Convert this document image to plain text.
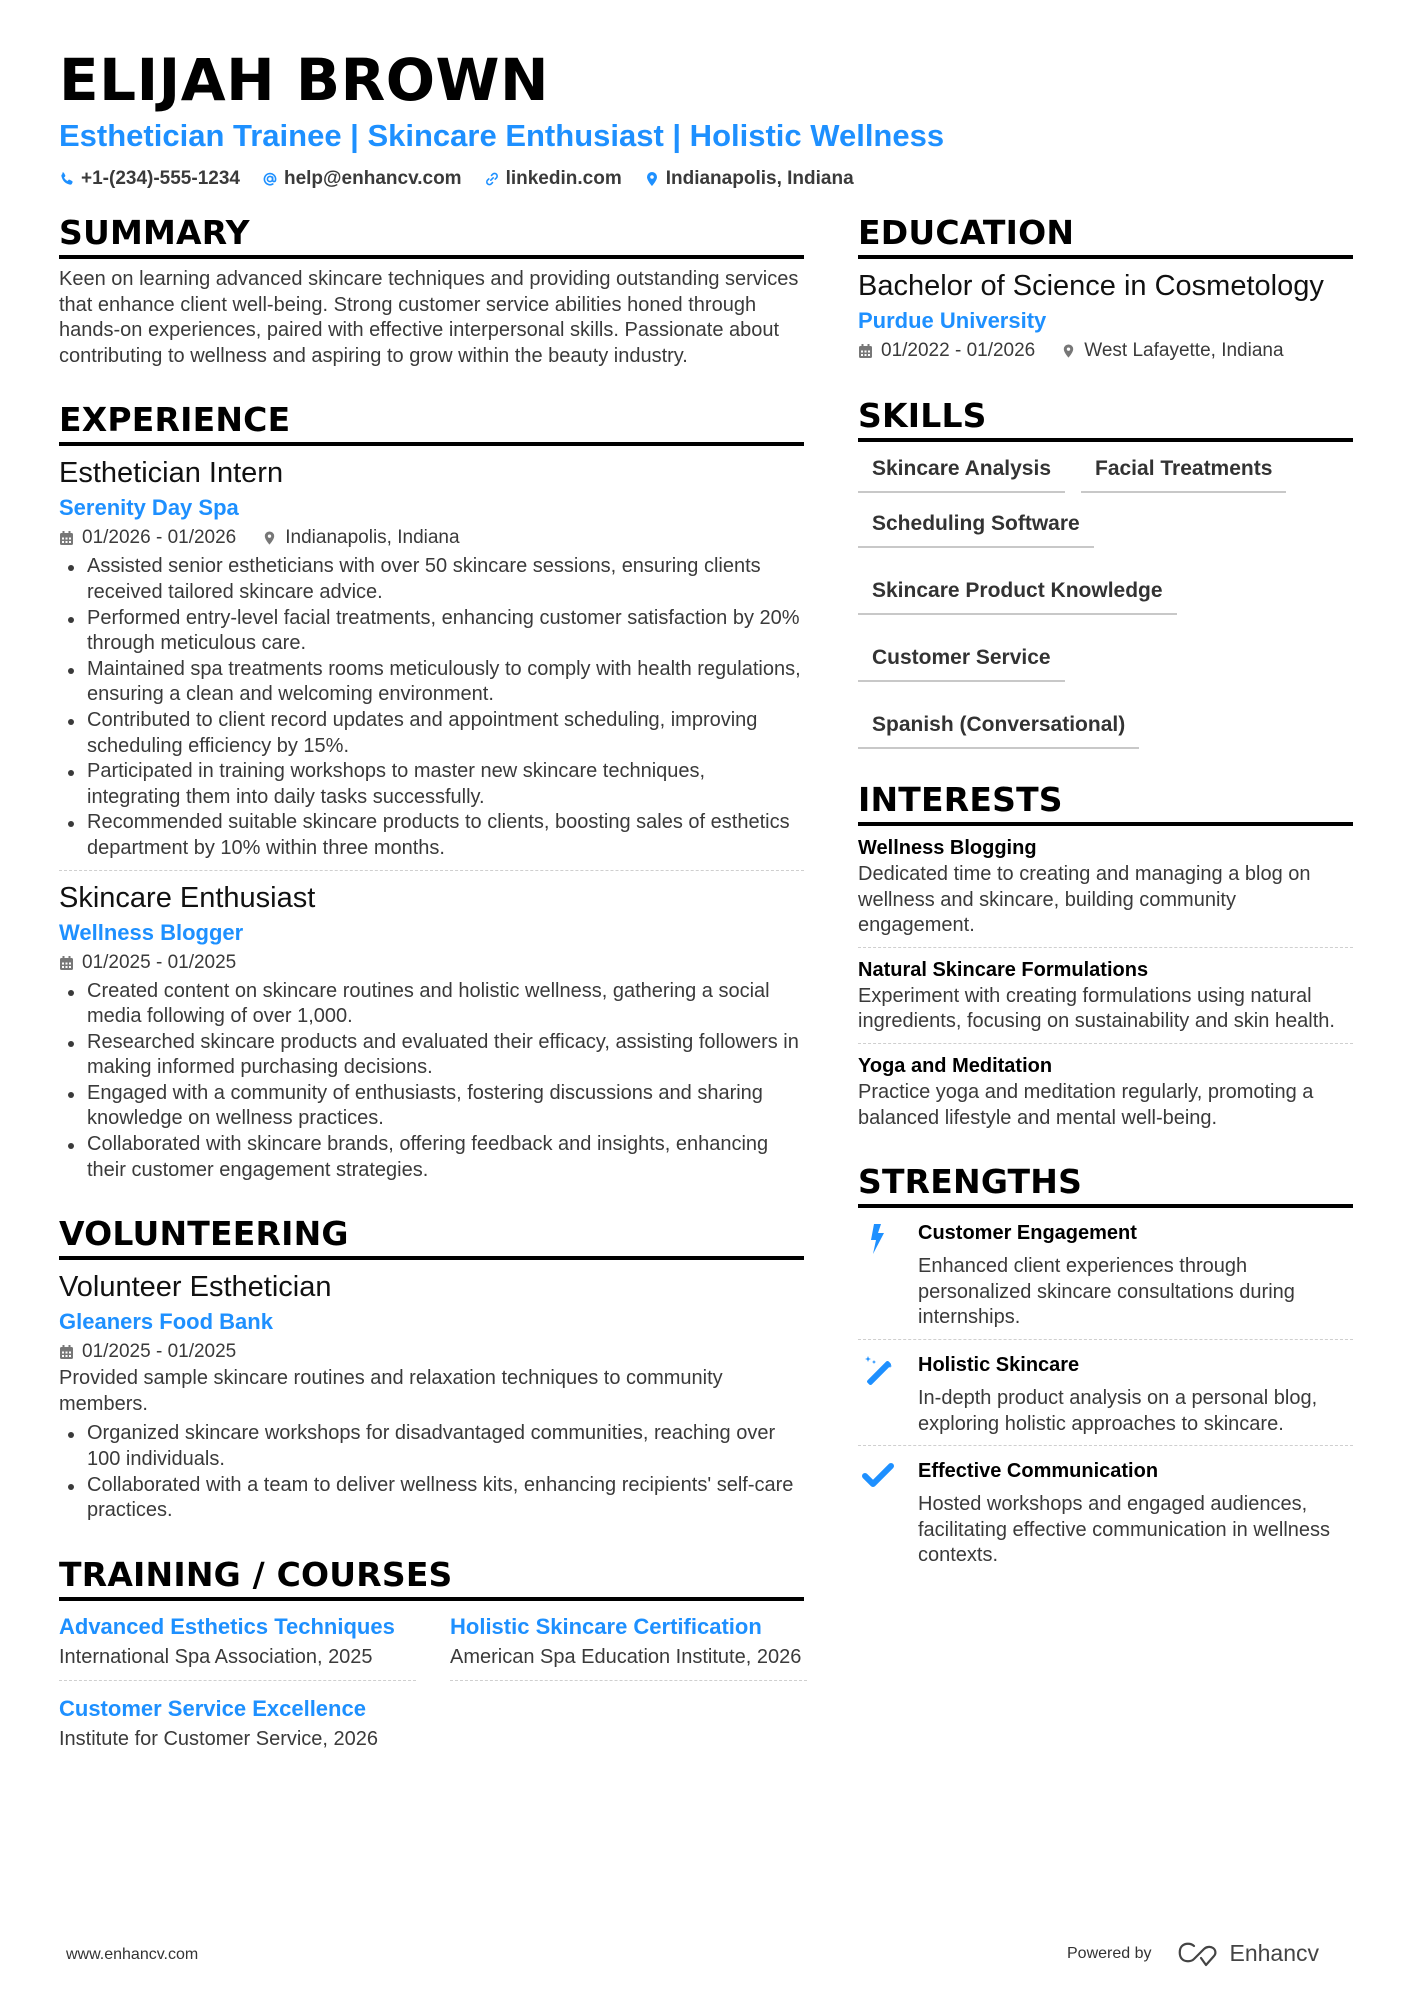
ELIJAH BROWN
Esthetician Trainee | Skincare Enthusiast | Holistic Wellness
+1-(234)-555-1234 help@enhancv.com linkedin.com Indianapolis, Indiana
SUMMARY
Keen on learning advanced skincare techniques and providing outstanding services that enhance client well-being. Strong customer service abilities honed through hands-on experiences, paired with effective interpersonal skills. Passionate about contributing to wellness and aspiring to grow within the beauty industry.
EXPERIENCE
Esthetician Intern
Serenity Day Spa
01/2026 - 01/2026	Indianapolis, Indiana
Assisted senior estheticians with over 50 skincare sessions, ensuring clients received tailored skincare advice.
Performed entry-level facial treatments, enhancing customer satisfaction by 20% through meticulous care.
Maintained spa treatments rooms meticulously to comply with health regulations, ensuring a clean and welcoming environment.
Contributed to client record updates and appointment scheduling, improving scheduling efficiency by 15%.
Participated in training workshops to master new skincare techniques, integrating them into daily tasks successfully.
Recommended suitable skincare products to clients, boosting sales of esthetics department by 10% within three months.
Skincare Enthusiast
Wellness Blogger
01/2025 - 01/2025
Created content on skincare routines and holistic wellness, gathering a social media following of over 1,000.
Researched skincare products and evaluated their efficacy, assisting followers in making informed purchasing decisions.
Engaged with a community of enthusiasts, fostering discussions and sharing knowledge on wellness practices.
Collaborated with skincare brands, offering feedback and insights, enhancing their customer engagement strategies.
VOLUNTEERING
Volunteer Esthetician
Gleaners Food Bank
01/2025 - 01/2025
Provided sample skincare routines and relaxation techniques to community members.
Organized skincare workshops for disadvantaged communities, reaching over 100 individuals.
Collaborated with a team to deliver wellness kits, enhancing recipients' self-care practices.
TRAINING / COURSES
Advanced Esthetics Techniques
International Spa Association, 2025
Holistic Skincare Certification
American Spa Education Institute, 2026
Customer Service Excellence
Institute for Customer Service, 2026
EDUCATION
Bachelor of Science in Cosmetology
Purdue University
01/2022 - 01/2026	West Lafayette, Indiana
SKILLS
Skincare Analysis	Facial Treatments
Scheduling Software
Skincare Product Knowledge
Customer Service
Spanish (Conversational)
INTERESTS
Wellness Blogging
Dedicated time to creating and managing a blog on wellness and skincare, building community engagement.
Natural Skincare Formulations
Experiment with creating formulations using natural ingredients, focusing on sustainability and skin health.
Yoga and Meditation
Practice yoga and meditation regularly, promoting a balanced lifestyle and mental well-being.
STRENGTHS
Customer Engagement
Enhanced client experiences through personalized skincare consultations during internships.
Holistic Skincare
In-depth product analysis on a personal blog, exploring holistic approaches to skincare.
Effective Communication
Hosted workshops and engaged audiences, facilitating effective communication in wellness contexts.
www.enhancv.com	Powered by	Enhancv
